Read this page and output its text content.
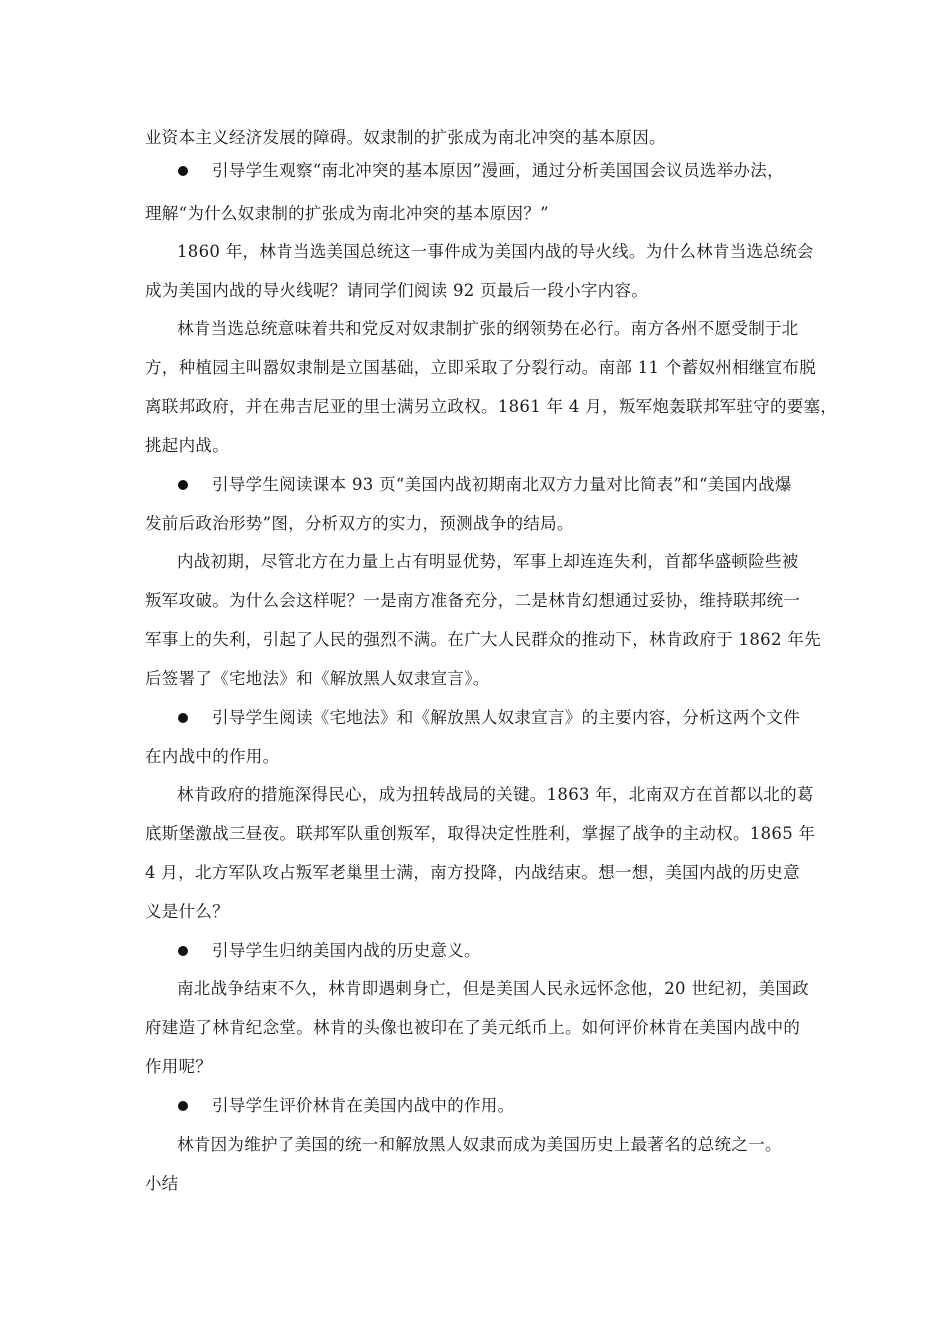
业资本主义经济发展的障碍。奴隶制的扩张成为南北冲突的基本原因。
引导学生观察“南北冲突的基本原因”漫画，通过分析美国国会议员选举办法，
理解“为什么奴隶制的扩张成为南北冲突的基本原因？”
1860 年，林肯当选美国总统这一事件成为美国内战的导火线。为什么林肯当选总统会
成为美国内战的导火线呢？请同学们阅读 92 页最后一段小字内容。
林肯当选总统意味着共和党反对奴隶制扩张的纲领势在必行。南方各州不愿受制于北
方，种植园主叫嚣奴隶制是立国基础，立即采取了分裂行动。南部 11 个蓄奴州相继宣布脱
离联邦政府，并在弗吉尼亚的里士满另立政权。1861 年 4 月，叛军炮轰联邦军驻守的要塞，
挑起内战。
引导学生阅读课本 93 页“美国内战初期南北双方力量对比简表”和“美国内战爆
发前后政治形势”图，分析双方的实力，预测战争的结局。
内战初期，尽管北方在力量上占有明显优势，军事上却连连失利，首都华盛顿险些被
叛军攻破。为什么会这样呢？一是南方准备充分，二是林肯幻想通过妥协，维持联邦统一
军事上的失利，引起了人民的强烈不满。在广大人民群众的推动下，林肯政府于 1862 年先
后签署了《宅地法》和《解放黑人奴隶宣言》。
引导学生阅读《宅地法》和《解放黑人奴隶宣言》的主要内容，分析这两个文件
在内战中的作用。
林肯政府的措施深得民心，成为扭转战局的关键。1863 年，北南双方在首都以北的葛
底斯堡激战三昼夜。联邦军队重创叛军，取得决定性胜利，掌握了战争的主动权。1865 年
4 月，北方军队攻占叛军老巢里士满，南方投降，内战结束。想一想，美国内战的历史意
义是什么？
引导学生归纳美国内战的历史意义。
南北战争结束不久，林肯即遇刺身亡，但是美国人民永远怀念他，20 世纪初，美国政
府建造了林肯纪念堂。林肯的头像也被印在了美元纸币上。如何评价林肯在美国内战中的
作用呢？
引导学生评价林肯在美国内战中的作用。
林肯因为维护了美国的统一和解放黑人奴隶而成为美国历史上最著名的总统之一。
小结
